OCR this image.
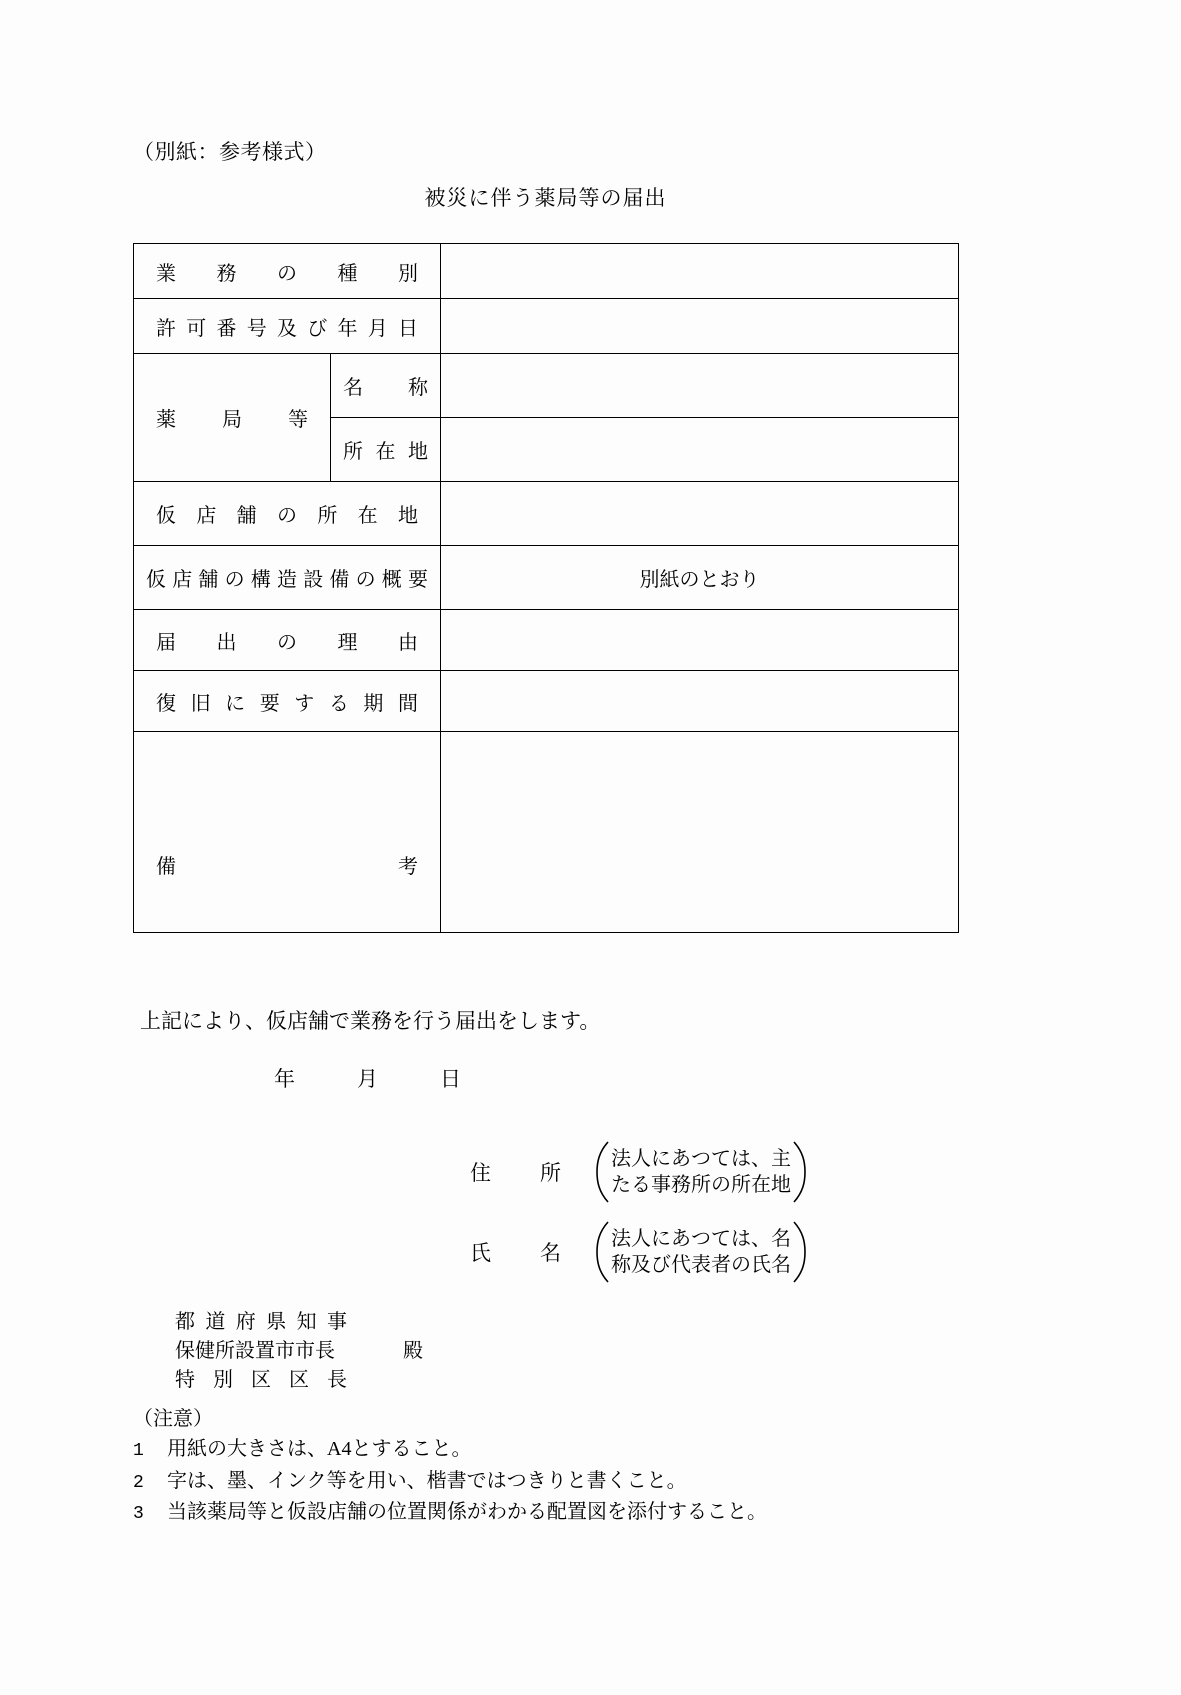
（別紙：参考様式）
被災に伴う薬局等の届出
業務の種別		

許可番号及び年月日		

薬局等	名称	

	所在地	

仮店舗の所在地		

仮店舗の構造設備の概要		別紙のとおり

届出の理由		

復旧に要する期間		

備考		

上記により、仮店舗で業務を行う届出をします。
年	月	日
住　所
法人にあつては、主
たる事務所の所在地
氏　名
法人にあつては、名
称及び代表者の氏名
都道府県知事
保健所設置市市長	殿
特別区区長
（注意）
1 用紙の大きさは、A4とすること。
2 字は、墨、インク等を用い、楷書ではつきりと書くこと。
3 当該薬局等と仮設店舗の位置関係がわかる配置図を添付すること。
